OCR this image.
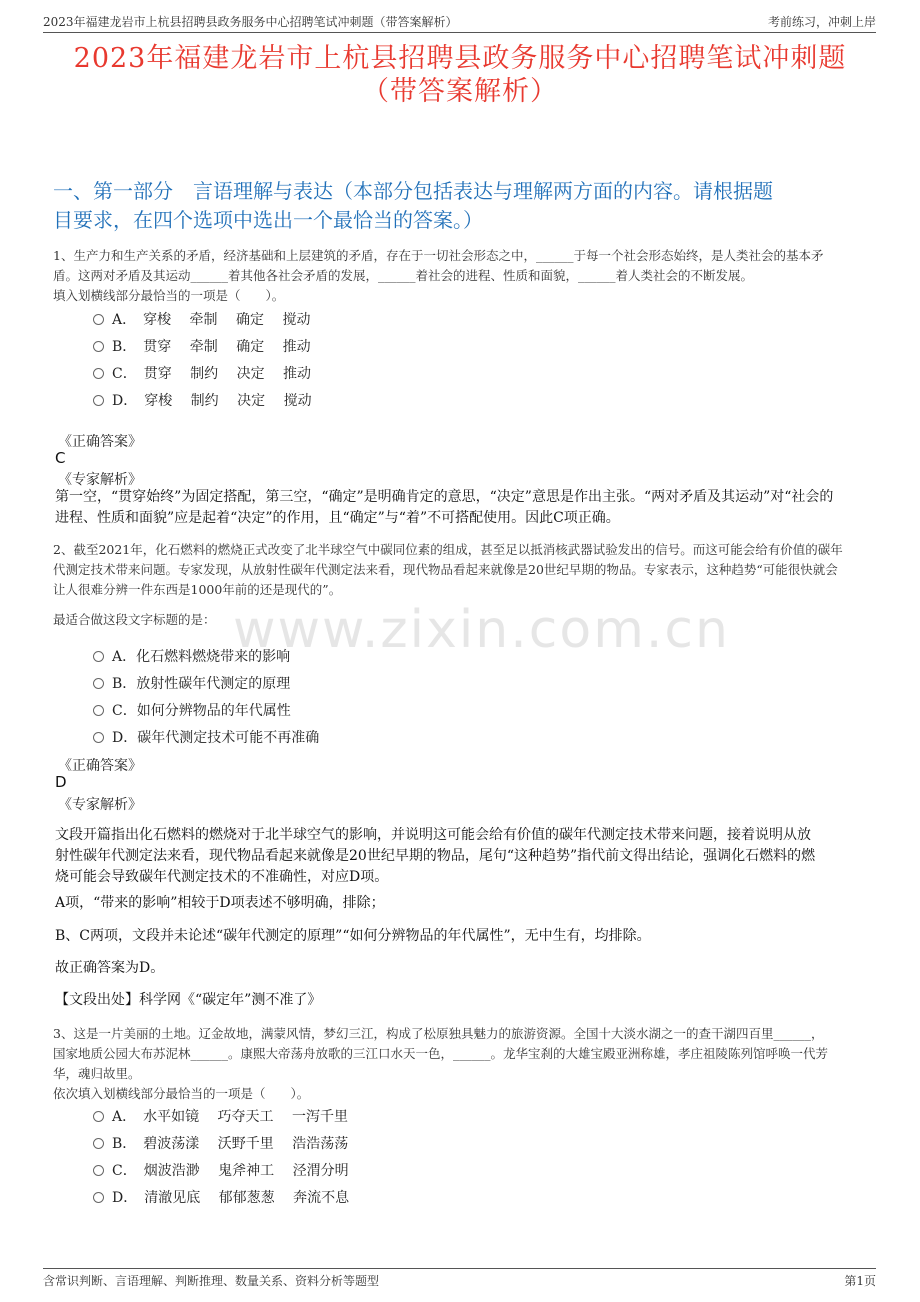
2023年福建龙岩市上杭县招聘县政务服务中心招聘笔试冲刺题（带答案解析）	考前练习，冲刺上岸
www.zixin.com.cn
2023年福建龙岩市上杭县招聘县政务服务中心招聘笔试冲刺题
（带答案解析）
一、第一部分　言语理解与表达（本部分包括表达与理解两方面的内容。请根据题
目要求，在四个选项中选出一个最恰当的答案。）
1、生产力和生产关系的矛盾，经济基础和上层建筑的矛盾，存在于一切社会形态之中，______于每一个社会形态始终，是人类社会的基本矛
盾。这两对矛盾及其运动______着其他各社会矛盾的发展，______着社会的进程、性质和面貌，______着人类社会的不断发展。
填入划横线部分最恰当的一项是（　　）。
A．　穿梭　 牵制　 确定　 搅动
B．　贯穿　 牵制　 确定　 推动
C．　贯穿　 制约　 决定　 推动
D．　穿梭　 制约　 决定　 搅动
《正确答案》
C
《专家解析》
第一空，“贯穿始终”为固定搭配，第三空，“确定”是明确肯定的意思，“决定”意思是作出主张。“两对矛盾及其运动”对“社会的
进程、性质和面貌”应是起着“决定”的作用，且“确定”与“着”不可搭配使用。因此C项正确。
2、截至2021年，化石燃料的燃烧正式改变了北半球空气中碳同位素的组成，甚至足以抵消核武器试验发出的信号。而这可能会给有价值的碳年
代测定技术带来问题。专家发现，从放射性碳年代测定法来看，现代物品看起来就像是20世纪早期的物品。专家表示，这种趋势“可能很快就会
让人很难分辨一件东西是1000年前的还是现代的”。
最适合做这段文字标题的是：
A．化石燃料燃烧带来的影响
B．放射性碳年代测定的原理
C．如何分辨物品的年代属性
D．碳年代测定技术可能不再准确
《正确答案》
D
《专家解析》
文段开篇指出化石燃料的燃烧对于北半球空气的影响，并说明这可能会给有价值的碳年代测定技术带来问题，接着说明从放
射性碳年代测定法来看，现代物品看起来就像是20世纪早期的物品，尾句“这种趋势”指代前文得出结论，强调化石燃料的燃
烧可能会导致碳年代测定技术的不准确性，对应D项。
A项，“带来的影响”相较于D项表述不够明确，排除；
B、C两项，文段并未论述“碳年代测定的原理”“如何分辨物品的年代属性”，无中生有，均排除。
故正确答案为D。
【文段出处】科学网《“碳定年”测不准了》
3、这是一片美丽的土地。辽金故地，满蒙风情，梦幻三江，构成了松原独具魅力的旅游资源。全国十大淡水湖之一的查干湖四百里______，
国家地质公园大布苏泥林______。康熙大帝荡舟放歌的三江口水天一色，______。龙华宝刹的大雄宝殿亚洲称雄，孝庄祖陵陈列馆呼唤一代芳
华，魂归故里。
依次填入划横线部分最恰当的一项是（　　）。
A．　水平如镜　 巧夺天工　 一泻千里
B．　碧波荡漾　 沃野千里　 浩浩荡荡
C．　烟波浩渺　 鬼斧神工　 泾渭分明
D．　清澈见底　 郁郁葱葱　 奔流不息
含常识判断、言语理解、判断推理、数量关系、资料分析等题型	第1页
